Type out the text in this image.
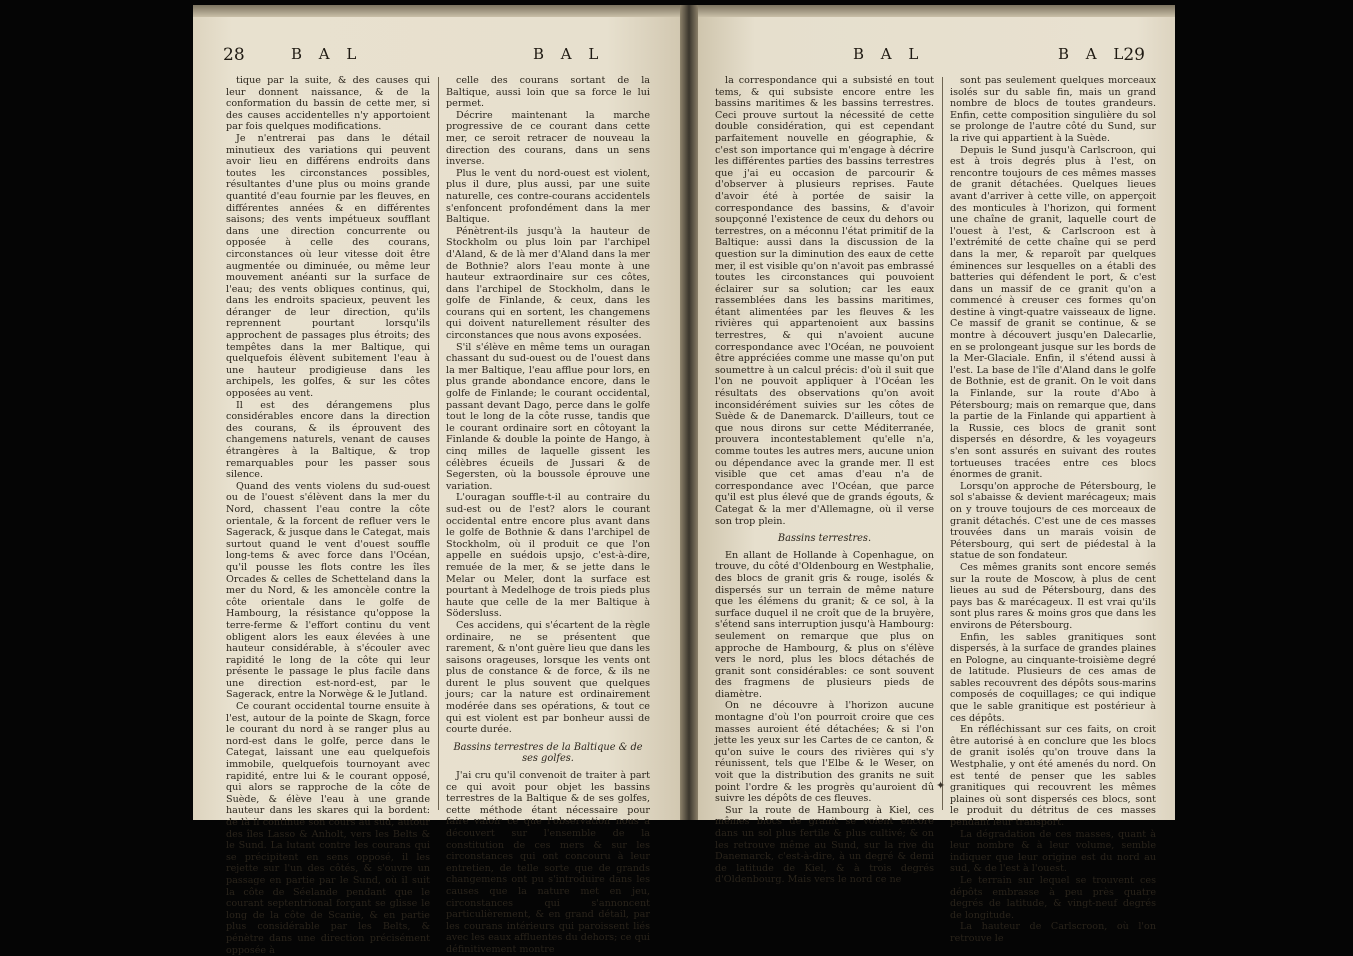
28	B A L	B A L

tique par la suite, & des causes qui leur donnent naissance, & de la conformation du bassin de cette mer, si des causes accidentelles n'y apportoient par fois quelques modifications.

Je n'entrerai pas dans le détail minutieux des variations qui peuvent avoir lieu en différens endroits dans toutes les circonstances possibles, résultantes d'une plus ou moins grande quantité d'eau fournie par les fleuves, en différentes années & en différentes saisons; des vents impétueux soufflant dans une direction concurrente ou opposée à celle des courans, circonstances où leur vitesse doit être augmentée ou diminuée, ou même leur mouvement anéanti sur la surface de l'eau; des vents obliques continus, qui, dans les endroits spacieux, peuvent les déranger de leur direction, qu'ils reprennent pourtant lorsqu'ils approchent de passages plus étroits; des tempêtes dans la mer Baltique, qui quelquefois élèvent subitement l'eau à une hauteur prodigieuse dans les archipels, les golfes, & sur les côtes opposées au vent.

Il est des dérangemens plus considérables encore dans la direction des courans, & ils éprouvent des changemens naturels, venant de causes étrangères à la Baltique, & trop remarquables pour les passer sous silence.

Quand des vents violens du sud-ouest ou de l'ouest s'élèvent dans la mer du Nord, chassent l'eau contre la côte orientale, & la forcent de refluer vers le Sagerack, & jusque dans le Categat, mais surtout quand le vent d'ouest souffle long-tems & avec force dans l'Océan, qu'il pousse les flots contre les îles Orcades & celles de Schetteland dans la mer du Nord, & les amoncèle contre la côte orientale dans le golfe de Hambourg, la résistance qu'oppose la terre-ferme & l'effort continu du vent obligent alors les eaux élevées à une hauteur considérable, à s'écouler avec rapidité le long de la côte qui leur présente le passage le plus facile dans une direction est-nord-est, par le Sagerack, entre la Norwège & le Jutland.

Ce courant occidental tourne ensuite à l'est, autour de la pointe de Skagn, force le courant du nord à se ranger plus au nord-est dans le golfe, perce dans le Categat, laissant une eau quelquefois immobile, quelquefois tournoyant avec rapidité, entre lui & le courant opposé, qui alors se rapproche de la côte de Suède, & élève l'eau à une grande hauteur dans les skares qui la bordent: de là il continue son cours au sud, autour des îles Lasso & Anholt, vers les Belts & le Sund. La lutant contre les courans qui se précipitent en sens opposé, il les rejette sur l'un des côtés, & s'ouvre un passage en partie par le Sund, où il suit la côte de Séelande pendant que le courant septentrional forçant se glisse le long de la côte de Scanie, & en partie plus considérable par les Belts, & pénètre dans une direction précisément opposée à

celle des courans sortant de la Baltique, aussi loin que sa force le lui permet.

Décrire maintenant la marche progressive de ce courant dans cette mer, ce seroit retracer de nouveau la direction des courans, dans un sens inverse.

Plus le vent du nord-ouest est violent, plus il dure, plus aussi, par une suite naturelle, ces contre-courans accidentels s'enfoncent profondément dans la mer Baltique.

Pénètrent-ils jusqu'à la hauteur de Stockholm ou plus loin par l'archipel d'Aland, & de là mer d'Aland dans la mer de Bothnie? alors l'eau monte à une hauteur extraordinaire sur ces côtes, dans l'archipel de Stockholm, dans le golfe de Finlande, & ceux, dans les courans qui en sortent, les changemens qui doivent naturellement résulter des circonstances que nous avons exposées.

S'il s'élève en même tems un ouragan chassant du sud-ouest ou de l'ouest dans la mer Baltique, l'eau afflue pour lors, en plus grande abondance encore, dans le golfe de Finlande; le courant occidental, passant devant Dago, perce dans le golfe tout le long de la côte russe, tandis que le courant ordinaire sort en côtoyant la Finlande & double la pointe de Hango, à cinq milles de laquelle gissent les célèbres écueils de Jussari & de Segersten, où la boussole éprouve une variation.

L'ouragan souffle-t-il au contraire du sud-est ou de l'est? alors le courant occidental entre encore plus avant dans le golfe de Bothnie & dans l'archipel de Stockholm, où il produit ce que l'on appelle en suédois upsjo, c'est-à-dire, remuée de la mer, & se jette dans le Melar ou Meler, dont la surface est pourtant à Medelhoge de trois pieds plus haute que celle de la mer Baltique à Södersluss.

Ces accidens, qui s'écartent de la règle ordinaire, ne se présentent que rarement, & n'ont guère lieu que dans les saisons orageuses, lorsque les vents ont plus de constance & de force, & ils ne durent le plus souvent que quelques jours; car la nature est ordinairement modérée dans ses opérations, & tout ce qui est violent est par bonheur aussi de courte durée.

Bassins terrestres de la Baltique & de ses golfes.

J'ai cru qu'il convenoit de traiter à part ce qui avoit pour objet les bassins terrestres de la Baltique & de ses golfes, cette méthode étant nécessaire pour faire valoir ce que l'observation nous a découvert sur l'ensemble de la constitution de ces mers & sur les circonstances qui ont concouru à leur entretien, de telle sorte que de grands changemens ont pu s'introduire dans les causes que la nature met en jeu, circonstances qui s'annoncent particulièrement, & en grand détail, par les courans intérieurs qui paroissent liés avec les eaux affluentes du dehors; ce qui définitivement montre

B A L	B A L
29

la correspondance qui a subsisté en tout tems, & qui subsiste encore entre les bassins maritimes & les bassins terrestres. Ceci prouve surtout la nécessité de cette double considération, qui est cependant parfaitement nouvelle en géographie, & c'est son importance qui m'engage à décrire les différentes parties des bassins terrestres que j'ai eu occasion de parcourir & d'observer à plusieurs reprises. Faute d'avoir été à portée de saisir la correspondance des bassins, & d'avoir soupçonné l'existence de ceux du dehors ou terrestres, on a méconnu l'état primitif de la Baltique: aussi dans la discussion de la question sur la diminution des eaux de cette mer, il est visible qu'on n'avoit pas embrassé toutes les circonstances qui pouvoient éclairer sur sa solution; car les eaux rassemblées dans les bassins maritimes, étant alimentées par les fleuves & les rivières qui appartenoient aux bassins terrestres, & qui n'avoient aucune correspondance avec l'Océan, ne pouvoient être appréciées comme une masse qu'on put soumettre à un calcul précis: d'où il suit que l'on ne pouvoit appliquer à l'Océan les résultats des observations qu'on avoit inconsidérément suivies sur les côtes de Suède & de Danemarck. D'ailleurs, tout ce que nous dirons sur cette Méditerranée, prouvera incontestablement qu'elle n'a, comme toutes les autres mers, aucune union ou dépendance avec la grande mer. Il est visible que cet amas d'eau n'a de correspondance avec l'Océan, que parce qu'il est plus élevé que de grands égouts, & Categat & la mer d'Allemagne, où il verse son trop plein.

Bassins terrestres.

En allant de Hollande à Copenhague, on trouve, du côté d'Oldenbourg en Westphalie, des blocs de granit gris & rouge, isolés & dispersés sur un terrain de même nature que les élémens du granit; & ce sol, à la surface duquel il ne croît que de la bruyère, s'étend sans interruption jusqu'à Hambourg: seulement on remarque que plus on approche de Hambourg, & plus on s'élève vers le nord, plus les blocs détachés de granit sont considérables: ce sont souvent des fragmens de plusieurs pieds de diamètre.

On ne découvre à l'horizon aucune montagne d'où l'on pourroit croire que ces masses auroient été détachées; & si l'on jette les yeux sur les Cartes de ce canton, & qu'on suive le cours des rivières qui s'y réunissent, tels que l'Elbe & le Weser, on voit que la distribution des granits ne suit point l'ordre & les progrès qu'auroient dû suivre les dépôts de ces fleuves.

Sur la route de Hambourg à Kiel, ces mêmes blocs de granit se voient encore dans un sol plus fertile & plus cultivé; & on les retrouve même au Sund, sur la rive du Danemarck, c'est-à-dire, à un degré & demi de latitude de Kiel, & à trois degrés d'Oldenbourg. Mais vers le nord ce ne

sont pas seulement quelques morceaux isolés sur du sable fin, mais un grand nombre de blocs de toutes grandeurs. Enfin, cette composition singulière du sol se prolonge de l'autre côté du Sund, sur la rive qui appartient à la Suède.

Depuis le Sund jusqu'à Carlscroon, qui est à trois degrés plus à l'est, on rencontre toujours de ces mêmes masses de granit détachées. Quelques lieues avant d'arriver à cette ville, on apperçoit des monticules à l'horizon, qui forment une chaîne de granit, laquelle court de l'ouest à l'est, & Carlscroon est à l'extrémité de cette chaîne qui se perd dans la mer, & reparoît par quelques éminences sur lesquelles on a établi des batteries qui défendent le port, & c'est dans un massif de ce granit qu'on a commencé à creuser ces formes qu'on destine à vingt-quatre vaisseaux de ligne. Ce massif de granit se continue, & se montre à découvert jusqu'en Dalecarlie, en se prolongeant jusque sur les bords de la Mer-Glaciale. Enfin, il s'étend aussi à l'est. La base de l'île d'Aland dans le golfe de Bothnie, est de granit. On le voit dans la Finlande, sur la route d'Abo à Pétersbourg; mais on remarque que, dans la partie de la Finlande qui appartient à la Russie, ces blocs de granit sont dispersés en désordre, & les voyageurs s'en sont assurés en suivant des routes tortueuses tracées entre ces blocs énormes de granit.

Lorsqu'on approche de Pétersbourg, le sol s'abaisse & devient marécageux; mais on y trouve toujours de ces morceaux de granit détachés. C'est une de ces masses trouvées dans un marais voisin de Pétersbourg, qui sert de piédestal à la statue de son fondateur.

Ces mêmes granits sont encore semés sur la route de Moscow, à plus de cent lieues au sud de Pétersbourg, dans des pays bas & marécageux. Il est vrai qu'ils sont plus rares & moins gros que dans les environs de Pétersbourg.

Enfin, les sables granitiques sont dispersés, à la surface de grandes plaines en Pologne, au cinquante-troisième degré de latitude. Plusieurs de ces amas de sables recouvrent des dépôts sous-marins composés de coquillages; ce qui indique que le sable granitique est postérieur à ces dépôts.

En réfléchissant sur ces faits, on croit être autorisé à en conclure que les blocs de granit isolés qu'on trouve dans la Westphalie, y ont été amenés du nord. On est tenté de penser que les sables granitiques qui recouvrent les mêmes plaines où sont dispersés ces blocs, sont le produit du détritus de ces masses pendant leur transport.

La dégradation de ces masses, quant à leur nombre & à leur volume, semble indiquer que leur origine est du nord au sud, & de l'est à l'ouest.

Le terrain sur lequel se trouvent ces dépôts embrasse à peu près quatre degrés de latitude, & vingt-neuf degrés de longitude.

La hauteur de Carlscroon, où l'on retrouve le

✦
